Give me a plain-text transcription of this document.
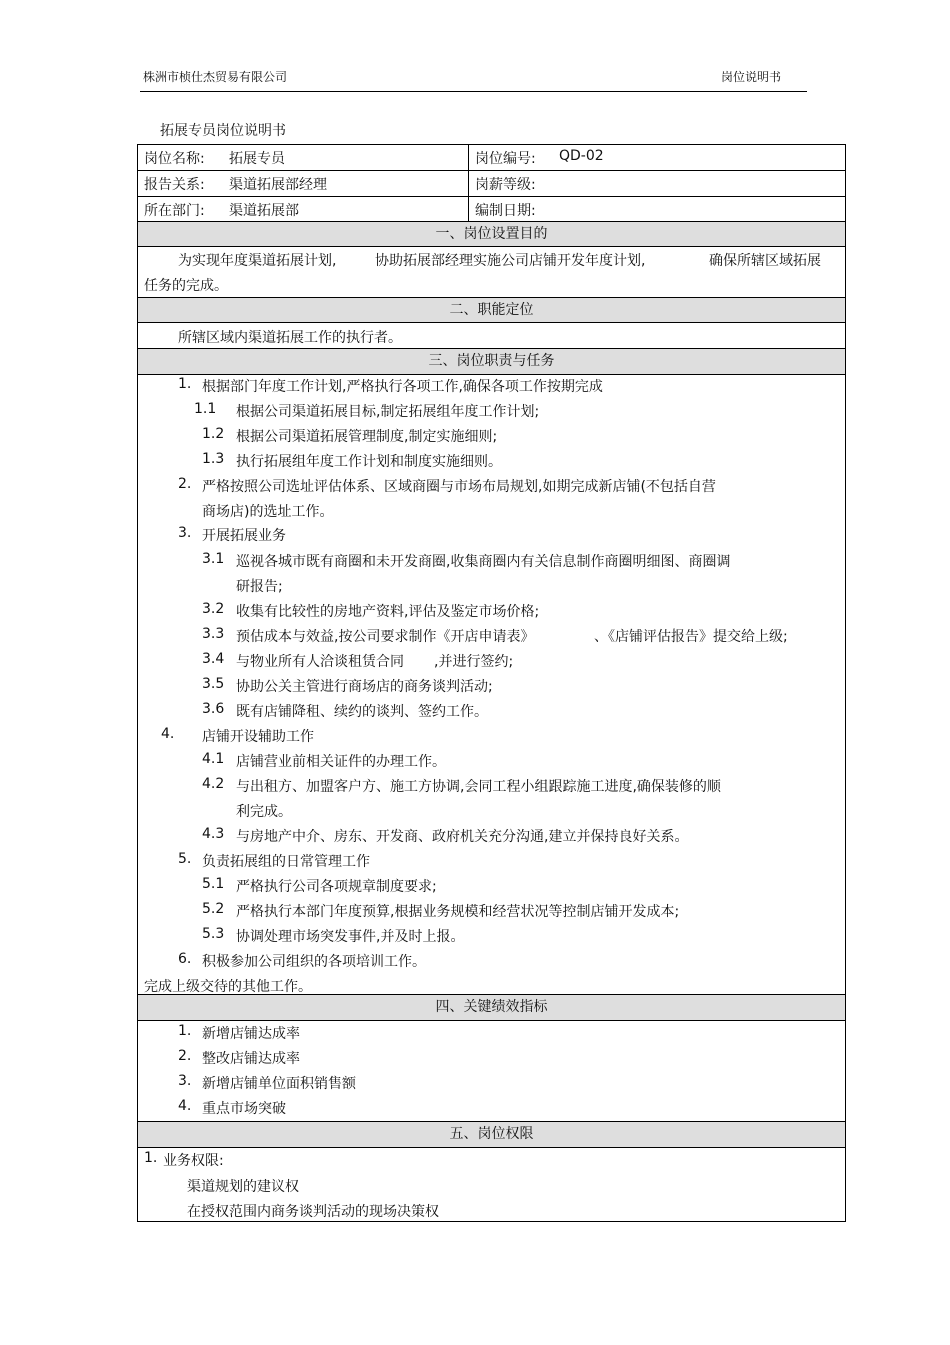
株洲市桢仕杰贸易有限公司	岗位说明书
拓展专员岗位说明书
岗位名称: 拓展专员	岗位编号: QD-02
报告关系: 渠道拓展部经理	岗薪等级:
所在部门: 渠道拓展部	编制日期:
一、岗位设置目的
为实现年度渠道拓展计划,	协助拓展部经理实施公司店铺开发年度计划,	确保所辖区域拓展
任务的完成。
二、职能定位
所辖区域内渠道拓展工作的执行者。
三、岗位职责与任务
1. 根据部门年度工作计划,严格执行各项工作,确保各项工作按期完成
1.1 根据公司渠道拓展目标,制定拓展组年度工作计划;
1.2 根据公司渠道拓展管理制度,制定实施细则;
1.3 执行拓展组年度工作计划和制度实施细则。
2. 严格按照公司选址评估体系、区域商圈与市场布局规划,如期完成新店铺(不包括自营
商场店)的选址工作。
3. 开展拓展业务
3.1 巡视各城市既有商圈和未开发商圈,收集商圈内有关信息制作商圈明细图、商圈调
研报告;
3.2 收集有比较性的房地产资料,评估及鉴定市场价格;
3.3 预估成本与效益,按公司要求制作《开店申请表》	、《店铺评估报告》提交给上级;
3.4 与物业所有人洽谈租赁合同 ,并进行签约;
3.5 协助公关主管进行商场店的商务谈判活动;
3.6 既有店铺降租、续约的谈判、签约工作。
4. 店铺开设辅助工作
4.1 店铺营业前相关证件的办理工作。
4.2 与出租方、加盟客户方、施工方协调,会同工程小组跟踪施工进度,确保装修的顺
利完成。
4.3 与房地产中介、房东、开发商、政府机关充分沟通,建立并保持良好关系。
5. 负责拓展组的日常管理工作
5.1 严格执行公司各项规章制度要求;
5.2 严格执行本部门年度预算,根据业务规模和经营状况等控制店铺开发成本;
5.3 协调处理市场突发事件,并及时上报。
6. 积极参加公司组织的各项培训工作。
完成上级交待的其他工作。
四、关键绩效指标
1. 新增店铺达成率
2. 整改店铺达成率
3. 新增店铺单位面积销售额
4. 重点市场突破
五、岗位权限
1. 业务权限:
渠道规划的建议权
在授权范围内商务谈判活动的现场决策权
